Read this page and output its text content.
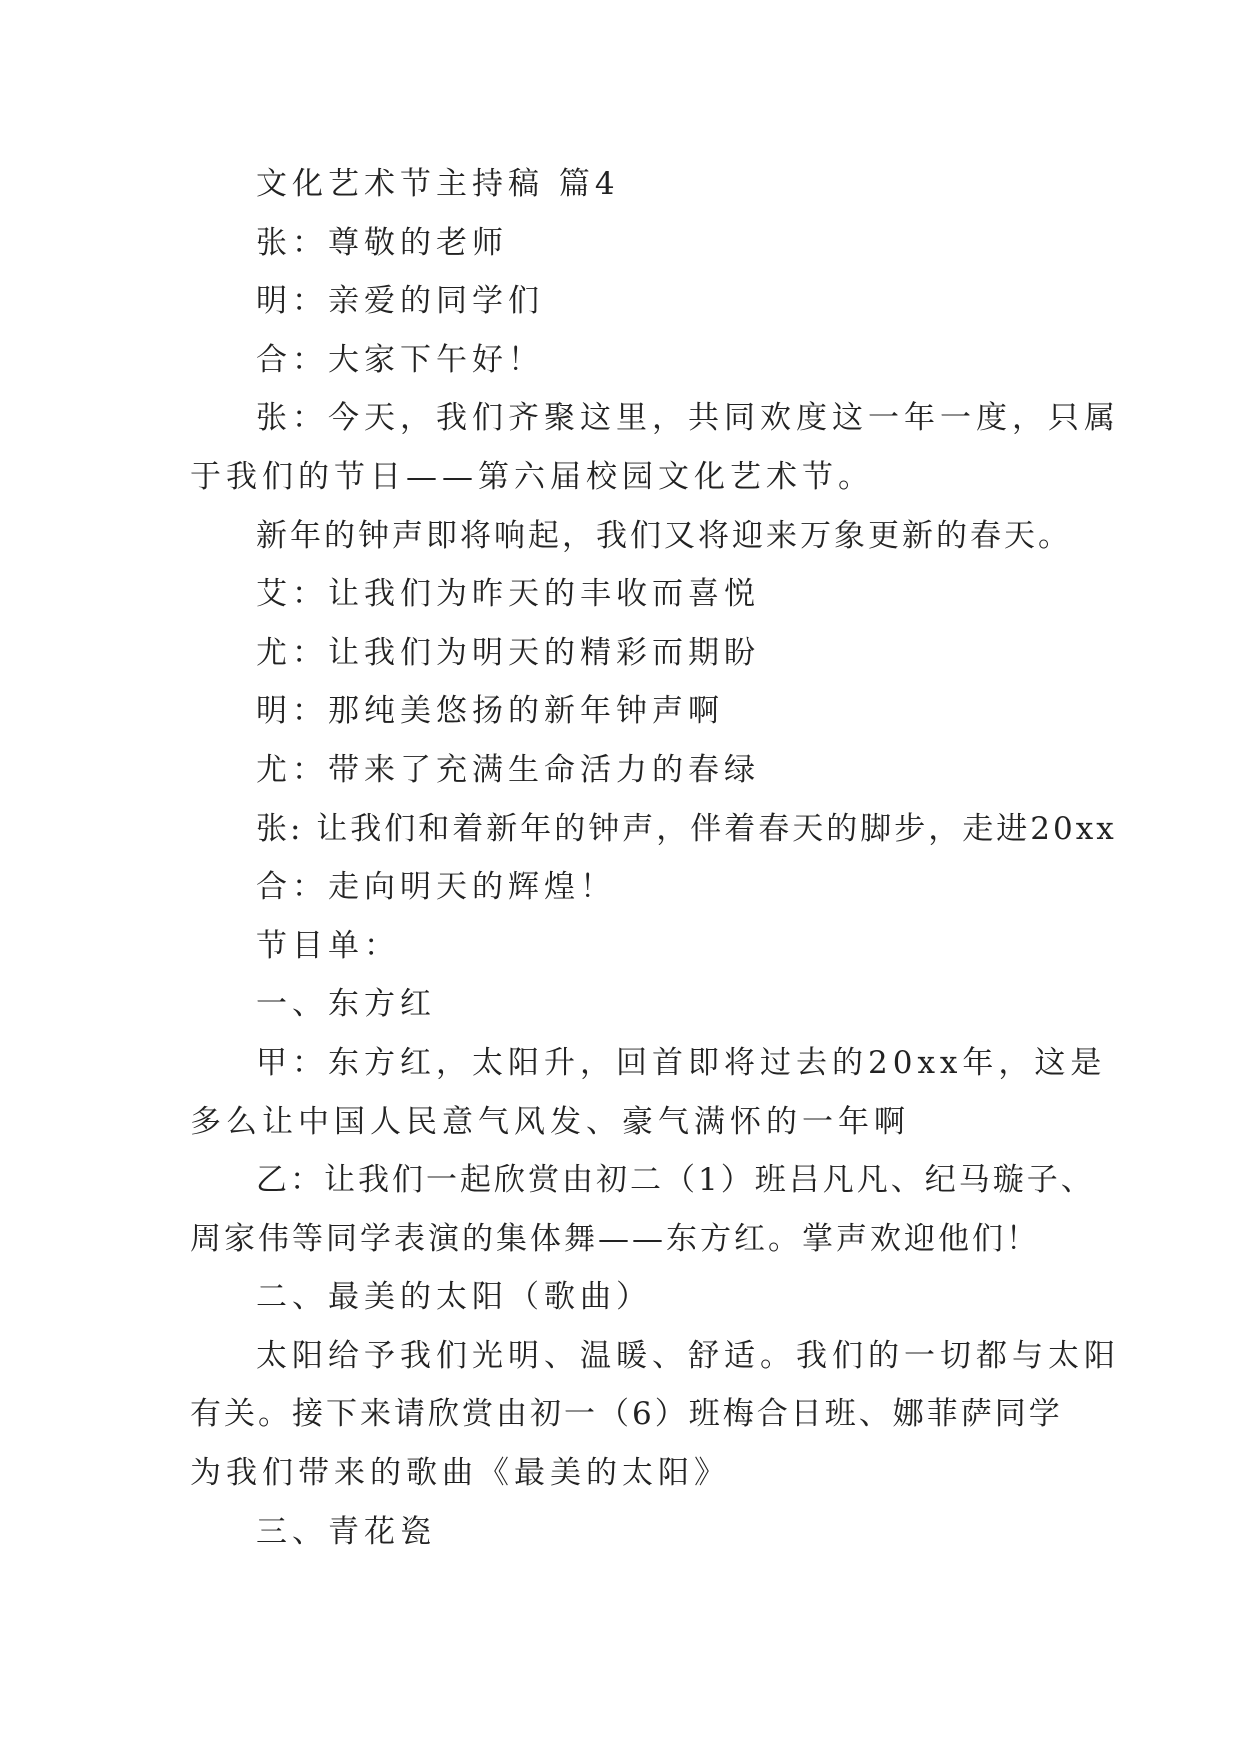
文化艺术节主持稿 篇4

张：尊敬的老师

明：亲爱的同学们

合：大家下午好！

张：今天，我们齐聚这里，共同欢度这一年一度，只属

于我们的节日——第六届校园文化艺术节。

新年的钟声即将响起，我们又将迎来万象更新的春天。

艾：让我们为昨天的丰收而喜悦

尤：让我们为明天的精彩而期盼

明：那纯美悠扬的新年钟声啊

尤：带来了充满生命活力的春绿

张: 让我们和着新年的钟声，伴着春天的脚步，走进20xx

合：走向明天的辉煌！

节目单：

一、东方红

甲：东方红，太阳升，回首即将过去的20xx年，这是

多么让中国人民意气风发、豪气满怀的一年啊

乙：让我们一起欣赏由初二（1）班吕凡凡、纪马璇子、

周家伟等同学表演的集体舞——东方红。掌声欢迎他们！

二、最美的太阳（歌曲）

太阳给予我们光明、温暖、舒适。我们的一切都与太阳

有关。接下来请欣赏由初一（6）班梅合日班、娜菲萨同学

为我们带来的歌曲《最美的太阳》

三、青花瓷
